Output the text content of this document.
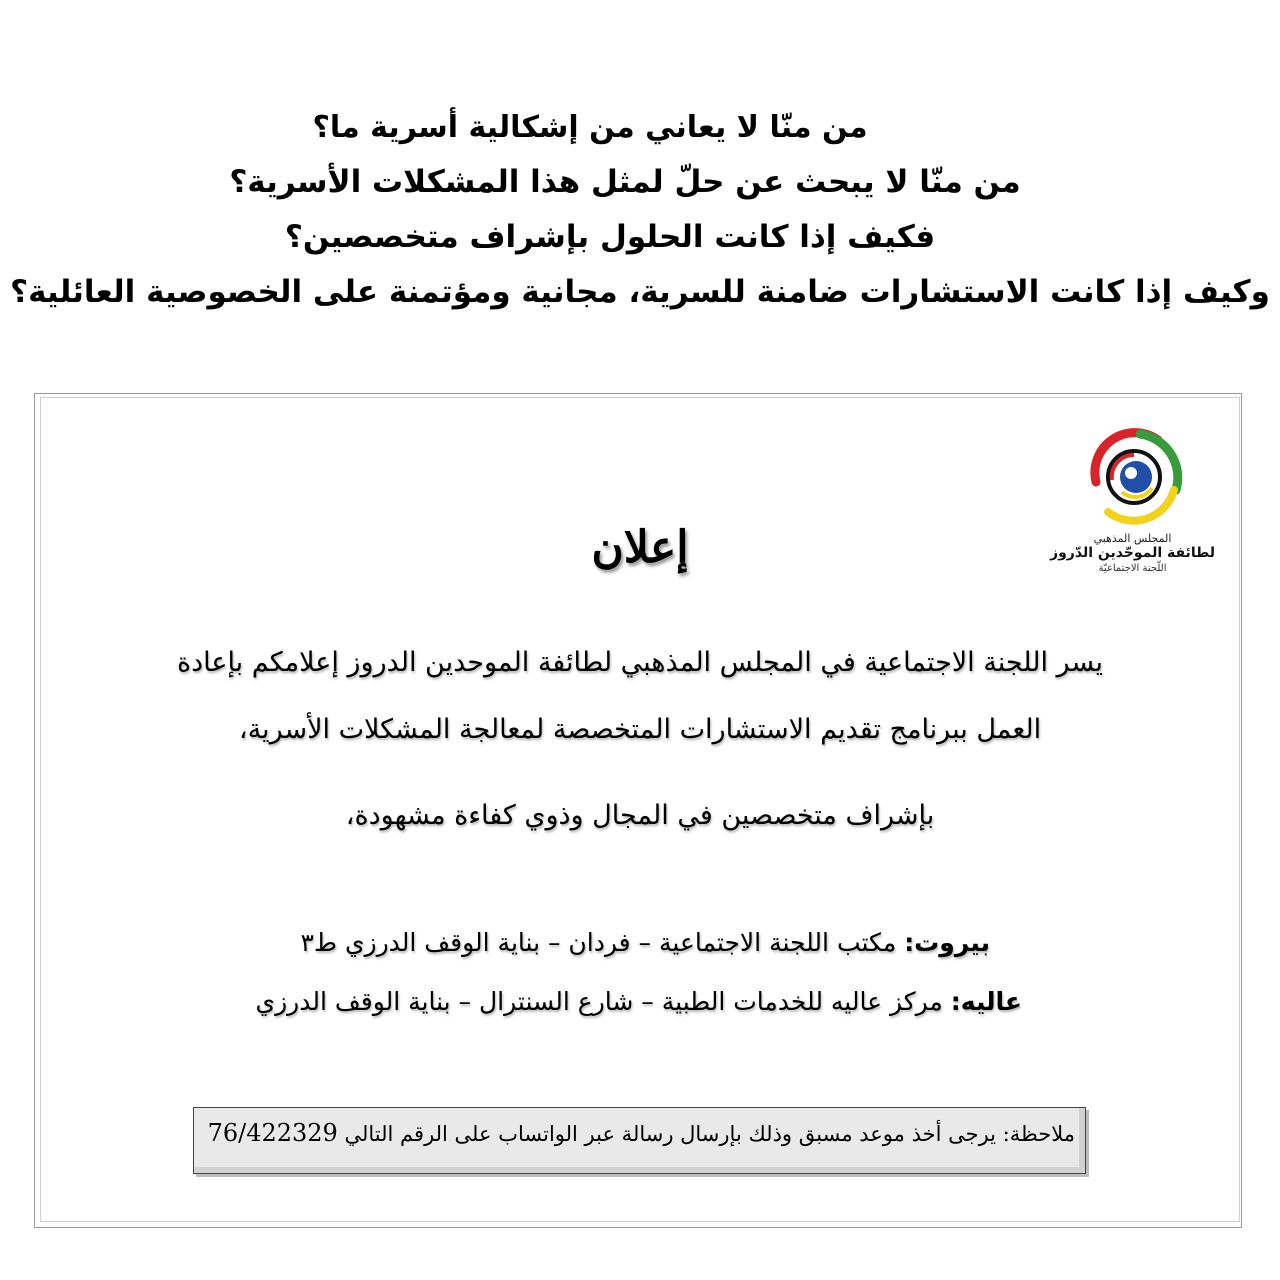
من منّا لا يعاني من إشكالية أسرية ما؟
من منّا لا يبحث عن حلّ لمثل هذا المشكلات الأسرية؟
فكيف إذا كانت الحلول بإشراف متخصصين؟
وكيف إذا كانت الاستشارات ضامنة للسرية، مجانية ومؤتمنة على الخصوصية العائلية؟
المجلس المذهبي
لطائفة الموحّدين الدّروز
اللّجنة الاجتماعيّة
إعلان
يسر اللجنة الاجتماعية في المجلس المذهبي لطائفة الموحدين الدروز إعلامكم بإعادة
العمل ببرنامج تقديم الاستشارات المتخصصة لمعالجة المشكلات الأسرية،
بإشراف متخصصين في المجال وذوي كفاءة مشهودة،
بيروت: مكتب اللجنة الاجتماعية – فردان – بناية الوقف الدرزي ط٣
عاليه: مركز عاليه للخدمات الطبية – شارع السنترال – بناية الوقف الدرزي
ملاحظة: يرجى أخذ موعد مسبق وذلك بإرسال رسالة عبر الواتساب على الرقم التالي 76/422329
